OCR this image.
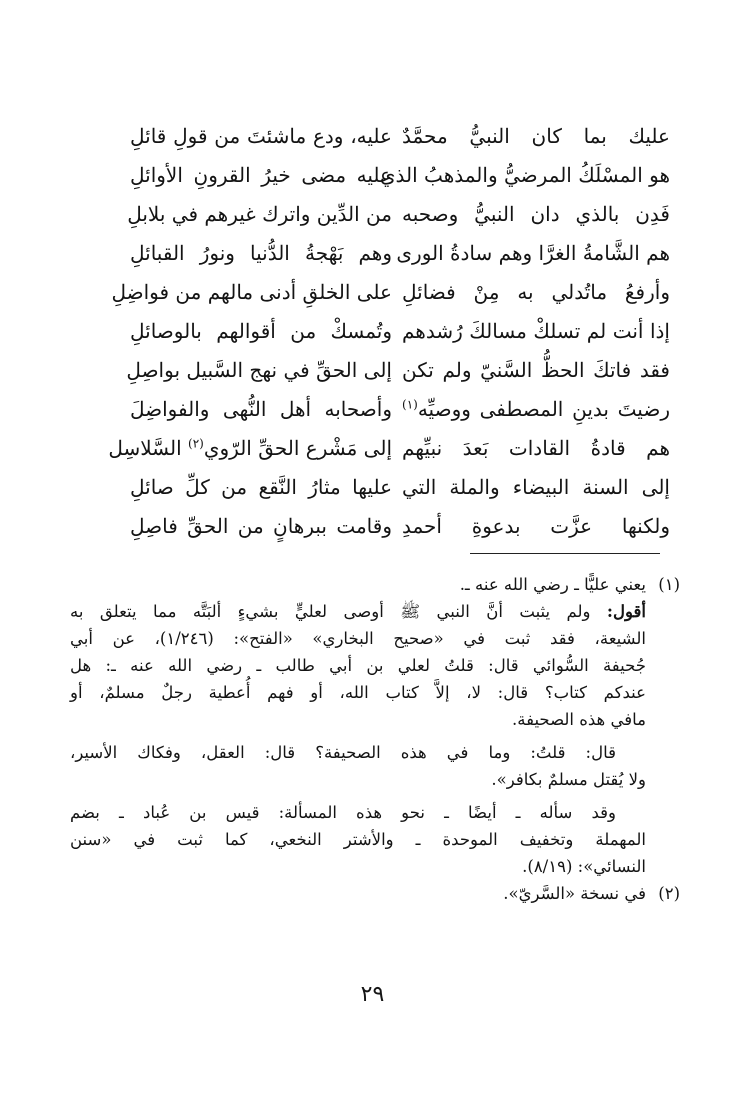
عليك بما كان النبيُّ محمَّدٌ
عليه، ودع ماشئتَ من قولِ قائلِ
هو المسْلَكُ المرضيُّ والمذهبُ الذي
عليه مضى خيرُ القرونِ الأوائلِ
فَدِن بالذي دان النبيُّ وصحبه
من الدِّين واترك غيرهم في بلابلِ
هم الشَّامةُ الغرَّا وهم سادةُ الورى
وهم بَهْجةُ الدُّنيا ونورُ القبائلِ
وأرفعُ ماتُدلي به مِنْ فضائلِ
على الخلقِ أدنى مالهم من فواضِلِ
إذا أنت لم تسلكْ مسالكَ رُشدهم
وتُمسكْ من أقوالهم بالوصائلِ
فقد فاتكَ الحظُّ السَّنيّ ولم تكن
إلى الحقِّ في نهج السَّبيل بواصِلِ
رضيتَ بدينِ المصطفى ووصيِّه$^{(١)}$
وأصحابه أهل النُّهى والفواضِلَ
هم قادةُ القادات بَعدَ نبيِّهم
إلى مَشْرع الحقِّ الرّوي$^{(٢)}$ السَّلاسِل
إلى السنة البيضاء والملة التي
عليها مثارُ النَّقع من كلِّ صائلِ
ولكنها عزَّت بدعوةِ أحمدِ
وقامت ببرهانٍ من الحقِّ فاصِلِ
(١)
يعني عليًّا ـ رضي الله عنه ـ.
أقول: ولم يثبت أنَّ النبي ﷺ أوصى لعليٍّ بشيءٍ ألبَتَّه مما يتعلق به
الشيعة، فقد ثبت في «صحيح البخاري» «الفتح»: (١/٢٤٦)، عن أبي
جُحيفة السُّوائي قال: قلتُ لعلي بن أبي طالب ـ رضي الله عنه ـ: هل
عندكم كتاب؟ قال: لا، إلاَّ كتاب الله، أو فهم أُعطية رجلٌ مسلمٌ، أو
مافي هذه الصحيفة.
قال: قلتُ: وما في هذه الصحيفة؟ قال: العقل، وفكاك الأسير،
ولا يُقتل مسلمٌ بكافر».
وقد سأله ـ أيضًا ـ نحو هذه المسألة: قيس بن عُباد ـ بضم
المهملة وتخفيف الموحدة ـ والأشتر النخعي، كما ثبت في «سنن
النسائي»: (٨/١٩).
(٢)
في نسخة «السَّريّ».
٢٩
